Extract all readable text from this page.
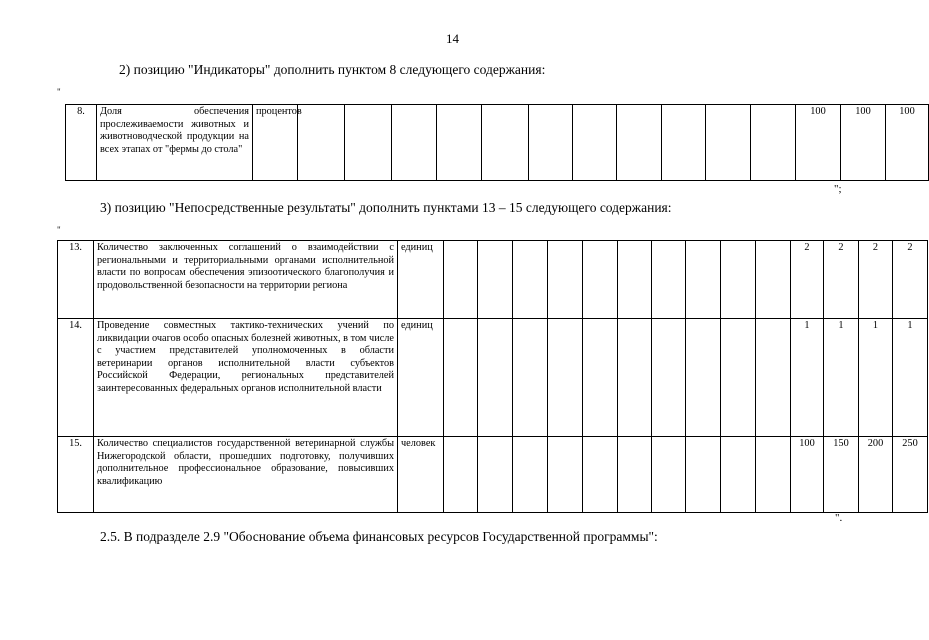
14
2) позицию "Индикаторы" дополнить пунктом 8 следующего содержания:
"
8.	Доля обеспечения прослеживаемости животных и животноводческой продукции на всех этапах от "фермы до стола"	процентов												100	100	100	
";
3) позицию "Непосредственные результаты" дополнить пунктами 13 – 15 следующего содержания:
"
13.	Количество заключенных соглашений о взаимодействии с региональными и территориальными органами исполнительной власти по вопросам обеспечения эпизоотического благополучия и продовольственной безопасности на территории региона	единиц											2	2	2	2
14.	Проведение совместных тактико-технических учений по ликвидации очагов особо опасных болезней животных, в том числе с участием представителей уполномоченных в области ветеринарии органов исполнительной власти субъектов Российской Федерации, региональных представителей заинтересованных федеральных органов исполнительной власти	единиц											1	1	1	1
15.	Количество специалистов государственной ветеринарной службы Нижегородской области, прошедших подготовку, получивших дополнительное профессиональное образование, повысивших квалификацию	человек											100	150	200	250
".
2.5. В подразделе 2.9 "Обоснование объема финансовых ресурсов Государственной программы":
